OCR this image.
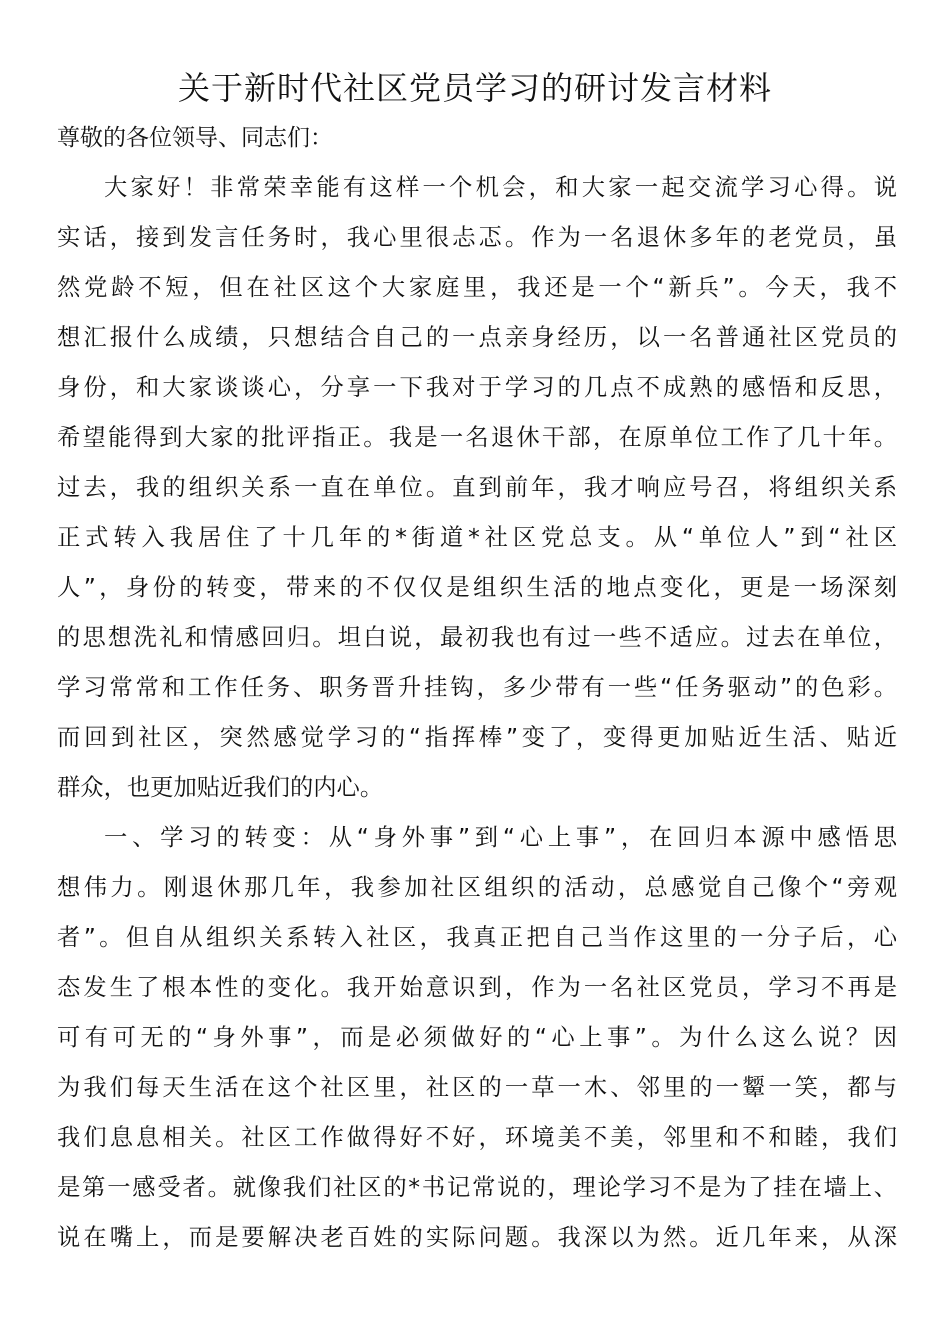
关于新时代社区党员学习的研讨发言材料

尊敬的各位领导、同志们：

大家好！非常荣幸能有这样一个机会，和大家一起交流学习心得。说
实话，接到发言任务时，我心里很忐忑。作为一名退休多年的老党员，虽
然党龄不短，但在社区这个大家庭里，我还是一个“新兵”。今天，我不
想汇报什么成绩，只想结合自己的一点亲身经历，以一名普通社区党员的
身份，和大家谈谈心，分享一下我对于学习的几点不成熟的感悟和反思，
希望能得到大家的批评指正。我是一名退休干部，在原单位工作了几十年。
过去，我的组织关系一直在单位。直到前年，我才响应号召，将组织关系
正式转入我居住了十几年的*街道*社区党总支。从“单位人”到“社区
人”，身份的转变，带来的不仅仅是组织生活的地点变化，更是一场深刻
的思想洗礼和情感回归。坦白说，最初我也有过一些不适应。过去在单位，
学习常常和工作任务、职务晋升挂钩，多少带有一些“任务驱动”的色彩。
而回到社区，突然感觉学习的“指挥棒”变了，变得更加贴近生活、贴近
群众，也更加贴近我们的内心。
一、学习的转变：从“身外事”到“心上事”，在回归本源中感悟思
想伟力。刚退休那几年，我参加社区组织的活动，总感觉自己像个“旁观
者”。但自从组织关系转入社区，我真正把自己当作这里的一分子后，心
态发生了根本性的变化。我开始意识到，作为一名社区党员，学习不再是
可有可无的“身外事”，而是必须做好的“心上事”。为什么这么说？因
为我们每天生活在这个社区里，社区的一草一木、邻里的一颦一笑，都与
我们息息相关。社区工作做得好不好，环境美不美，邻里和不和睦，我们
是第一感受者。就像我们社区的*书记常说的，理论学习不是为了挂在墙上、
说在嘴上，而是要解决老百姓的实际问题。我深以为然。近几年来，从深
